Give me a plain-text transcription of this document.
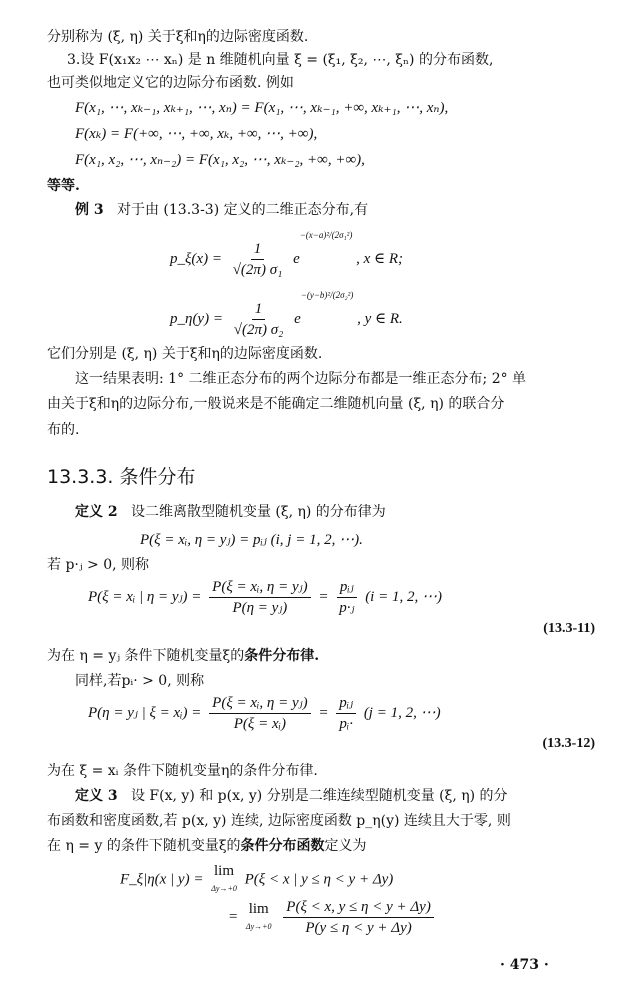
分别称为 (ξ, η) 关于ξ和η的边际密度函数.
3.设 F(x₁x₂ ⋯ xₙ) 是 n 维随机向量 ξ = (ξ₁, ξ₂, ⋯, ξₙ) 的分布函数,
也可类似地定义它的边际分布函数. 例如
F(x₁, ⋯, xₖ₋₁, xₖ₊₁, ⋯, xₙ) = F(x₁, ⋯, xₖ₋₁, +∞, xₖ₊₁, ⋯, xₙ),
F(xₖ) = F(+∞, ⋯, +∞, xₖ, +∞, ⋯, +∞),
F(x₁, x₂, ⋯, xₙ₋₂) = F(x₁, x₂, ⋯, xₖ₋₂, +∞, +∞),
等等.
例 3 对于由 (13.3-3) 定义的二维正态分布,有
p_ξ(x) = $\frac{1}{\text{√(2π) σ₁}} e^{-(x-a)^2/(2\sigma_1^2)}$ , x ∈ R;
p_η(y) = $\frac{1}{\text{√(2π) σ₂}} e^{-(y-b)^2/(2\sigma_2^2)}$ , y ∈ R.
它们分别是 (ξ, η) 关于ξ和η的边际密度函数.
这一结果表明: 1° 二维正态分布的两个边际分布都是一维正态分布; 2° 单
由关于ξ和η的边际分布,一般说来是不能确定二维随机向量 (ξ, η) 的联合分
布的.
13.3.3. 条件分布
定义 2 设二维离散型随机变量 (ξ, η) 的分布律为
P(ξ = xᵢ, η = yⱼ) = pᵢⱼ (i, j = 1, 2, ⋯).
若 p·ⱼ > 0, 则称
P(ξ = xᵢ | η = yⱼ) = $\frac{\text{P(ξ = xᵢ, η = yⱼ)}}{\text{P(η = yⱼ)}} = \frac{\text{pᵢⱼ}}{\text{p·ⱼ}} (i = 1$, 2, ⋯)
(13.3-11)
为在 η = yⱼ 条件下随机变量ξ的条件分布律.
同样,若pᵢ· > 0, 则称
P(η = yⱼ | ξ = xᵢ) = $\frac{\text{P(ξ = xᵢ, η = yⱼ)}}{\text{P(ξ = xᵢ)}} = \frac{\text{pᵢⱼ}}{\text{pᵢ·}} (j = 1$, 2, ⋯)
(13.3-12)
为在 ξ = xᵢ 条件下随机变量η的条件分布律.
定义 3 设 F(x, y) 和 p(x, y) 分别是二维连续型随机变量 (ξ, η) 的分
布函数和密度函数,若 p(x, y) 连续, 边际密度函数 p_η(y) 连续且大于零, 则
在 η = y 的条件下随机变量ξ的条件分布函数定义为
F_ξ|η(x | y) =
lim
Δy→+0
P(ξ < x | y ≤ η < y + Δy)
=
lim
Δy→+0
$\frac{P(\xi < x, y \le \eta < y + \Delta y)}{P(y \le \eta < y + \Delta y)}$
· 473 ·
